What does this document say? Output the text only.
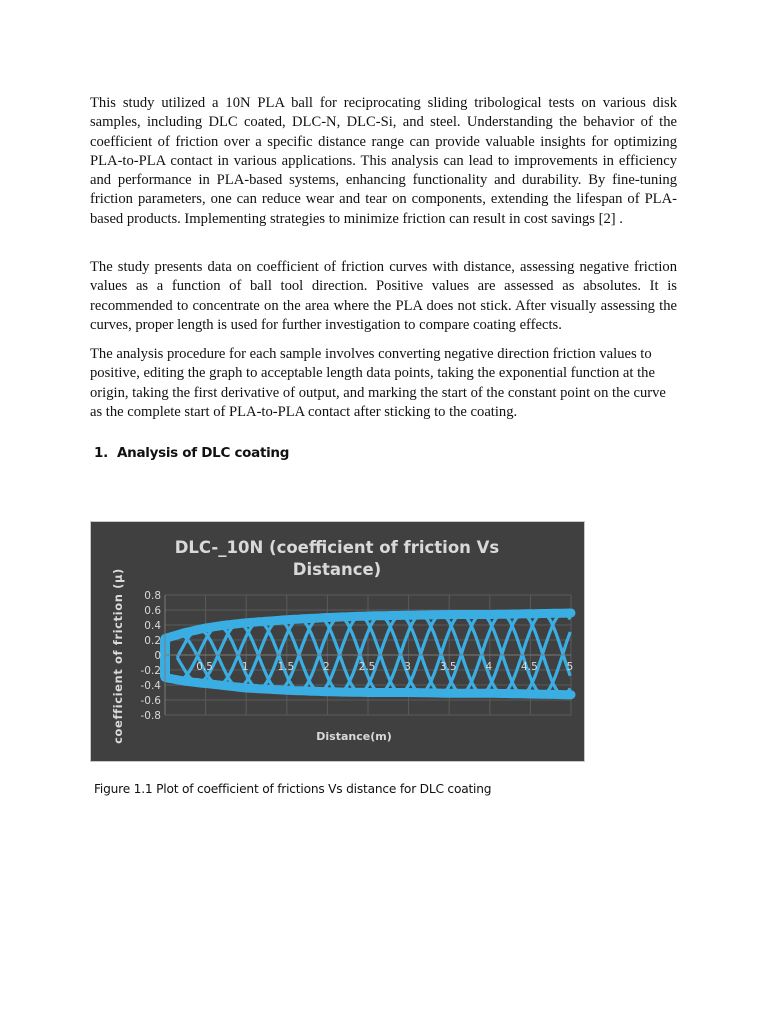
This study utilized a 10N PLA ball for reciprocating sliding tribological tests on various disk samples, including DLC coated, DLC-N, DLC-Si, and steel. Understanding the behavior of the coefficient of friction over a specific distance range can provide valuable insights for optimizing PLA-to-PLA contact in various applications. This analysis can lead to improvements in efficiency and performance in PLA-based systems, enhancing functionality and durability. By fine-tuning friction parameters, one can reduce wear and tear on components, extending the lifespan of PLA-based products. Implementing strategies to minimize friction can result in cost savings [2] .

The study presents data on coefficient of friction curves with distance, assessing negative friction values as a function of ball tool direction. Positive values are assessed as absolutes. It is recommended to concentrate on the area where the PLA does not stick. After visually assessing the curves, proper length is used for further investigation to compare coating effects.

The analysis procedure for each sample involves converting negative direction friction values to positive, editing the graph to acceptable length data points, taking the exponential function at the origin, taking the first derivative of output, and marking the start of the constant point on the curve as the complete start of PLA-to-PLA contact after sticking to the coating.

1. Analysis of DLC coating
0.8
0.6
0.4
0.2
0
-0.2
-0.4
-0.6
-0.8
0.5	1	1.5	2	2.5	3	3.5	4	4.5	5
DLC-_10N (coefficient of friction Vs
Distance)
Distance(m)
coefficient of friction (µ)
Figure 1.1 Plot of coefficient of frictions Vs distance for DLC coating
